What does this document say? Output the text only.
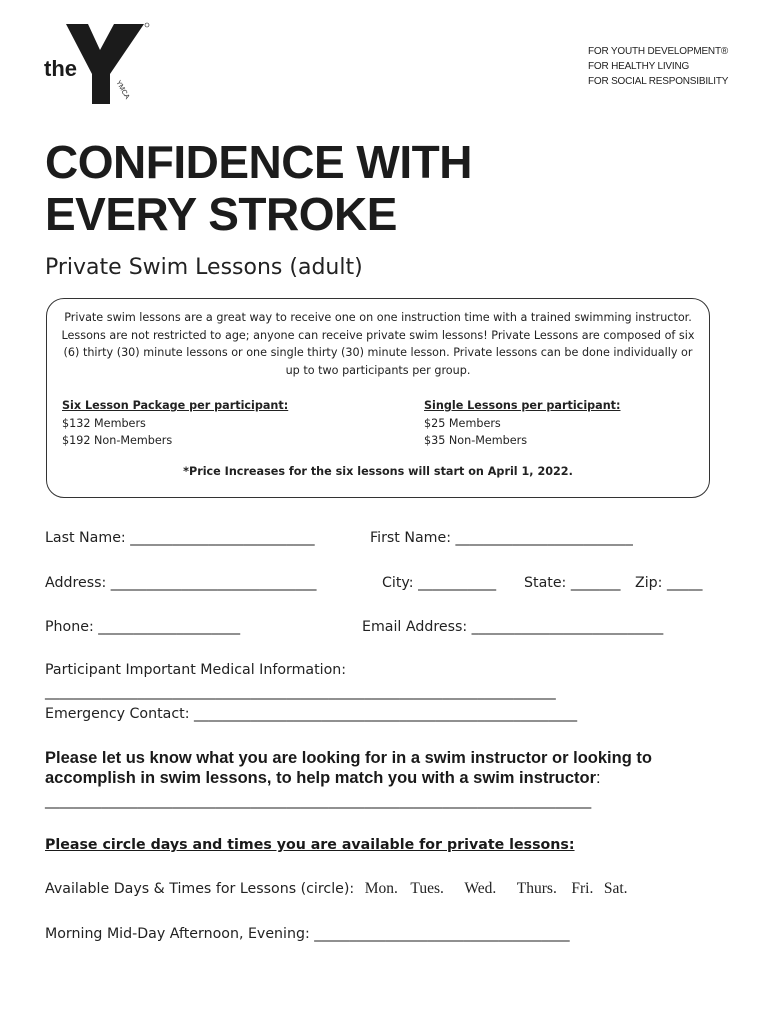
the
YMCA
FOR YOUTH DEVELOPMENT®
FOR HEALTHY LIVING
FOR SOCIAL RESPONSIBILITY
CONFIDENCE WITH
EVERY STROKE
Private Swim Lessons (adult)
Private swim lessons are a great way to receive one on one instruction time with a trained swimming instructor. Lessons are not restricted to age; anyone can receive private swim lessons! Private Lessons are composed of six (6) thirty (30) minute lessons or one single thirty (30) minute lesson. Private lessons can be done individually or up to two participants per group.
Six Lesson Package per participant:
$132 Members
$192 Non-Members
Single Lessons per participant:
$25 Members
$35 Non-Members
*Price Increases for the six lessons will start on April 1, 2022.
Last Name: __________________________	First Name: _________________________
Address: _____________________________	City: ___________ State: _______ Zip: _____
Phone: ____________________	Email Address: ___________________________
Participant Important Medical Information:
________________________________________________________________________
Emergency Contact: ______________________________________________________
Please let us know what you are looking for in a swim instructor or looking to accomplish in swim lessons, to help match you with a swim instructor:
_____________________________________________________________________________
Please circle days and times you are available for private lessons:
Available Days & Times for Lessons (circle): Mon. Tues. Wed. Thurs. Fri. Sat.
Morning Mid-Day Afternoon, Evening: ____________________________________
